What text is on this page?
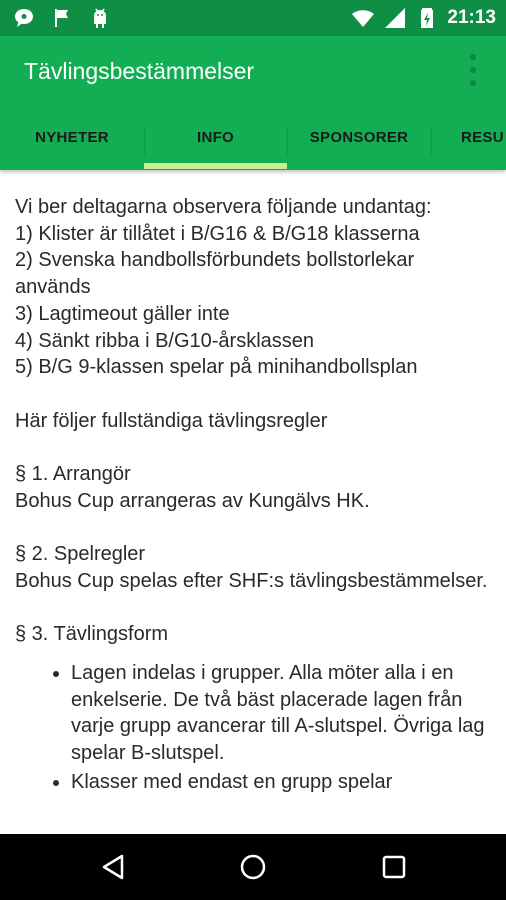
21:13
Tävlingsbestämmelser
NYHETER	INFO	SPONSORER	RESU

Vi ber deltagarna observera följande undantag:

1) Klister är tillåtet i B/G16 & B/G18 klasserna

2) Svenska handbollsförbundets bollstorlekar används

3) Lagtimeout gäller inte

4) Sänkt ribba i B/G10-årsklassen

5) B/G 9-klassen spelar på minihandbollsplan

Här följer fullständiga tävlingsregler

§ 1. Arrangör

Bohus Cup arrangeras av Kungälvs HK.

§ 2. Spelregler

Bohus Cup spelas efter SHF:s tävlingsbestämmelser.

§ 3. Tävlingsform

• Lagen indelas i grupper. Alla möter alla i en enkelserie. De två bäst placerade lagen från varje grupp avancerar till A-slutspel. Övriga lag spelar B-slutspel.
• Klasser med endast en grupp spelar
